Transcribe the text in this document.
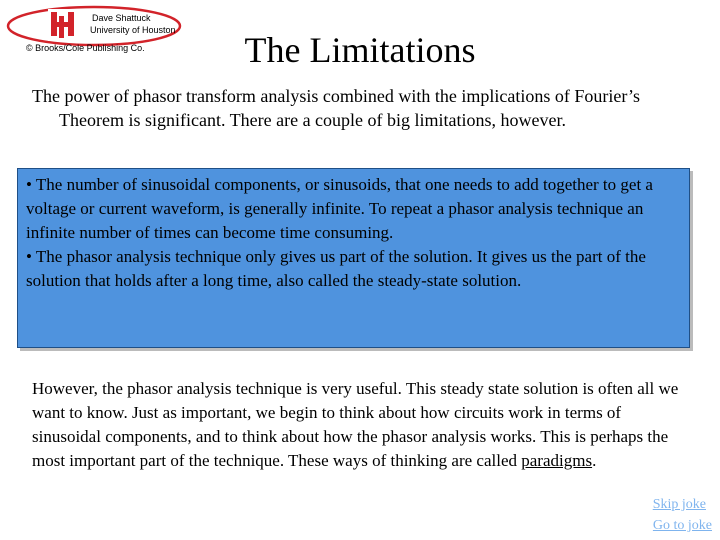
Dave Shattuck
University of Houston
© Brooks/Cole Publishing Co.	The Limitations
The power of phasor transform analysis combined with the implications of Fourier’s Theorem is significant. There are a couple of big limitations, however.

• The number of sinusoidal components, or sinusoids, that one needs to add together to get a voltage or current waveform, is generally infinite. To repeat a phasor analysis technique an infinite number of times can become time consuming.

• The phasor analysis technique only gives us part of the solution. It gives us the part of the solution that holds after a long time, also called the steady-state solution.

However, the phasor analysis technique is very useful. This steady state solution is often all we want to know. Just as important, we begin to think about how circuits work in terms of sinusoidal components, and to think about how the phasor analysis works. This is perhaps the most important part of the technique. These ways of thinking are called paradigms.
Skip joke
Go to joke
